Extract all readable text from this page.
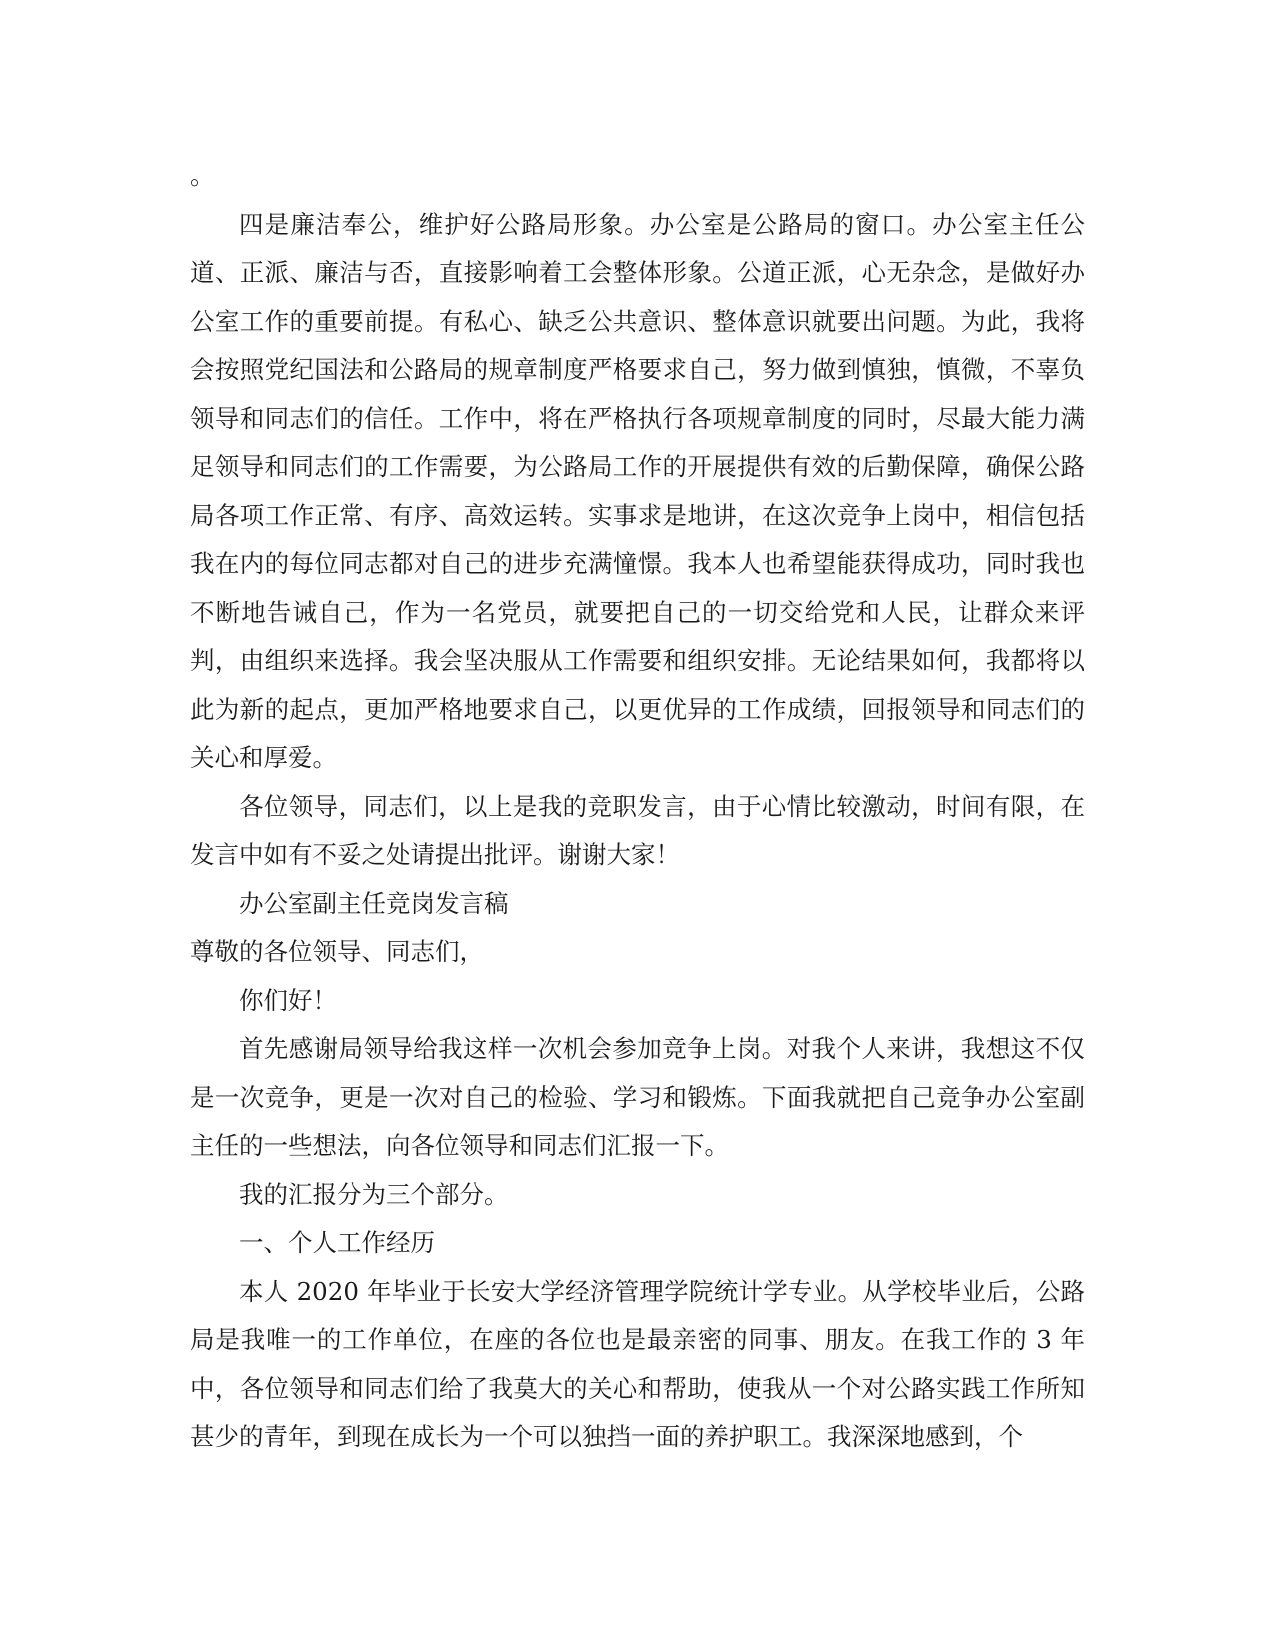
。

四是廉洁奉公，维护好公路局形象。办公室是公路局的窗口。办公室主任公道、正派、廉洁与否，直接影响着工会整体形象。公道正派，心无杂念，是做好办公室工作的重要前提。有私心、缺乏公共意识、整体意识就要出问题。为此，我将会按照党纪国法和公路局的规章制度严格要求自己，努力做到慎独，慎微，不辜负领导和同志们的信任。工作中，将在严格执行各项规章制度的同时，尽最大能力满足领导和同志们的工作需要，为公路局工作的开展提供有效的后勤保障，确保公路局各项工作正常、有序、高效运转。实事求是地讲，在这次竞争上岗中，相信包括我在内的每位同志都对自己的进步充满憧憬。我本人也希望能获得成功，同时我也不断地告诫自己，作为一名党员，就要把自己的一切交给党和人民，让群众来评判，由组织来选择。我会坚决服从工作需要和组织安排。无论结果如何，我都将以此为新的起点，更加严格地要求自己，以更优异的工作成绩，回报领导和同志们的关心和厚爱。

各位领导，同志们，以上是我的竞职发言，由于心情比较激动，时间有限，在发言中如有不妥之处请提出批评。谢谢大家！

办公室副主任竞岗发言稿

尊敬的各位领导、同志们，

你们好！

首先感谢局领导给我这样一次机会参加竞争上岗。对我个人来讲，我想这不仅是一次竞争，更是一次对自己的检验、学习和锻炼。下面我就把自己竞争办公室副主任的一些想法，向各位领导和同志们汇报一下。

我的汇报分为三个部分。

一、个人工作经历

本人 2020 年毕业于长安大学经济管理学院统计学专业。从学校毕业后，公路局是我唯一的工作单位，在座的各位也是最亲密的同事、朋友。在我工作的 3 年中，各位领导和同志们给了我莫大的关心和帮助，使我从一个对公路实践工作所知甚少的青年，到现在成长为一个可以独挡一面的养护职工。我深深地感到，个
